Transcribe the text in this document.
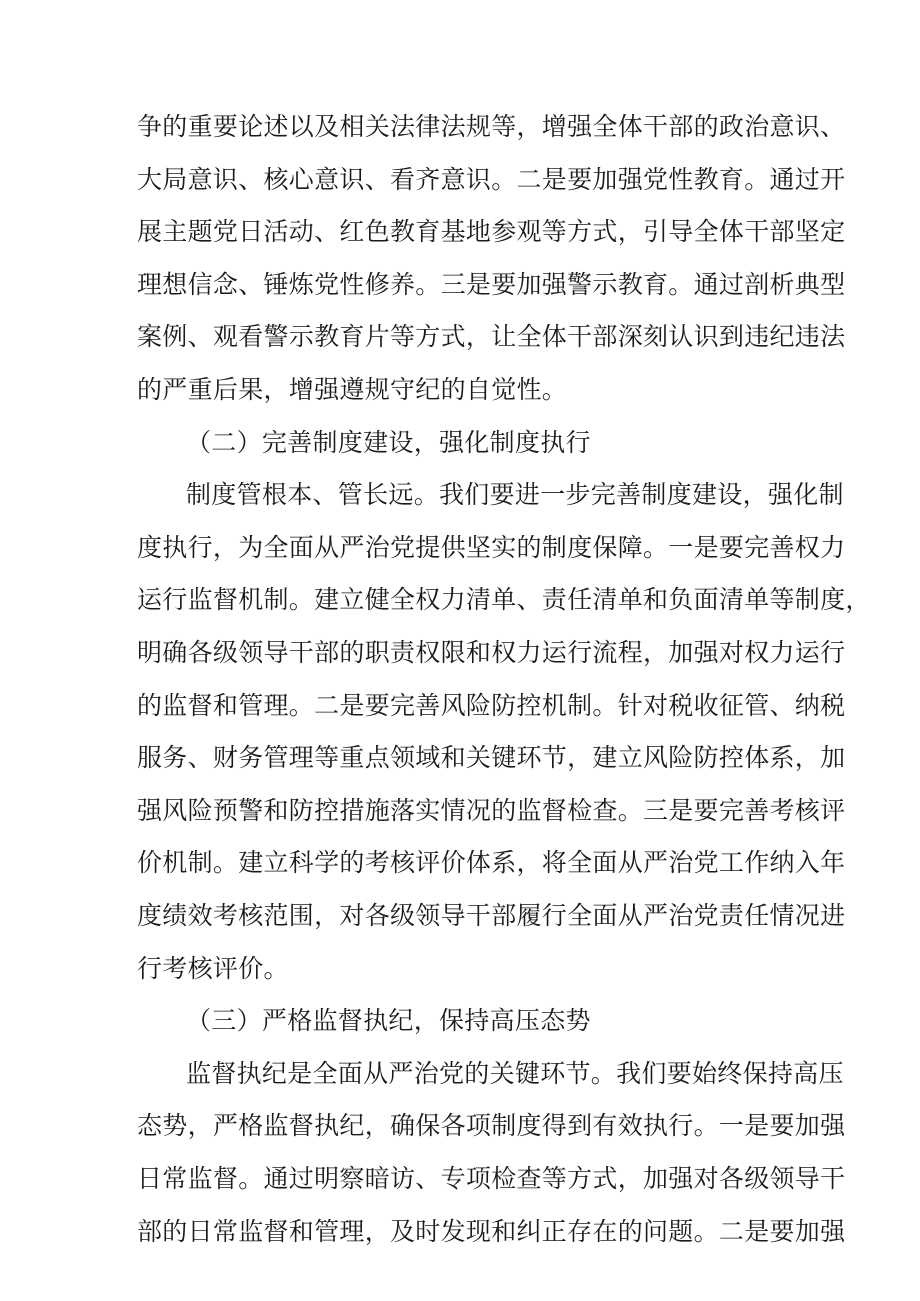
争的重要论述以及相关法律法规等，增强全体干部的政治意识、
大局意识、核心意识、看齐意识。二是要加强党性教育。通过开
展主题党日活动、红色教育基地参观等方式，引导全体干部坚定
理想信念、锤炼党性修养。三是要加强警示教育。通过剖析典型
案例、观看警示教育片等方式，让全体干部深刻认识到违纪违法
的严重后果，增强遵规守纪的自觉性。
（二）完善制度建设，强化制度执行
制度管根本、管长远。我们要进一步完善制度建设，强化制
度执行，为全面从严治党提供坚实的制度保障。一是要完善权力
运行监督机制。建立健全权力清单、责任清单和负面清单等制度，
明确各级领导干部的职责权限和权力运行流程，加强对权力运行
的监督和管理。二是要完善风险防控机制。针对税收征管、纳税
服务、财务管理等重点领域和关键环节，建立风险防控体系，加
强风险预警和防控措施落实情况的监督检查。三是要完善考核评
价机制。建立科学的考核评价体系，将全面从严治党工作纳入年
度绩效考核范围，对各级领导干部履行全面从严治党责任情况进
行考核评价。
（三）严格监督执纪，保持高压态势
监督执纪是全面从严治党的关键环节。我们要始终保持高压
态势，严格监督执纪，确保各项制度得到有效执行。一是要加强
日常监督。通过明察暗访、专项检查等方式，加强对各级领导干
部的日常监督和管理，及时发现和纠正存在的问题。二是要加强
